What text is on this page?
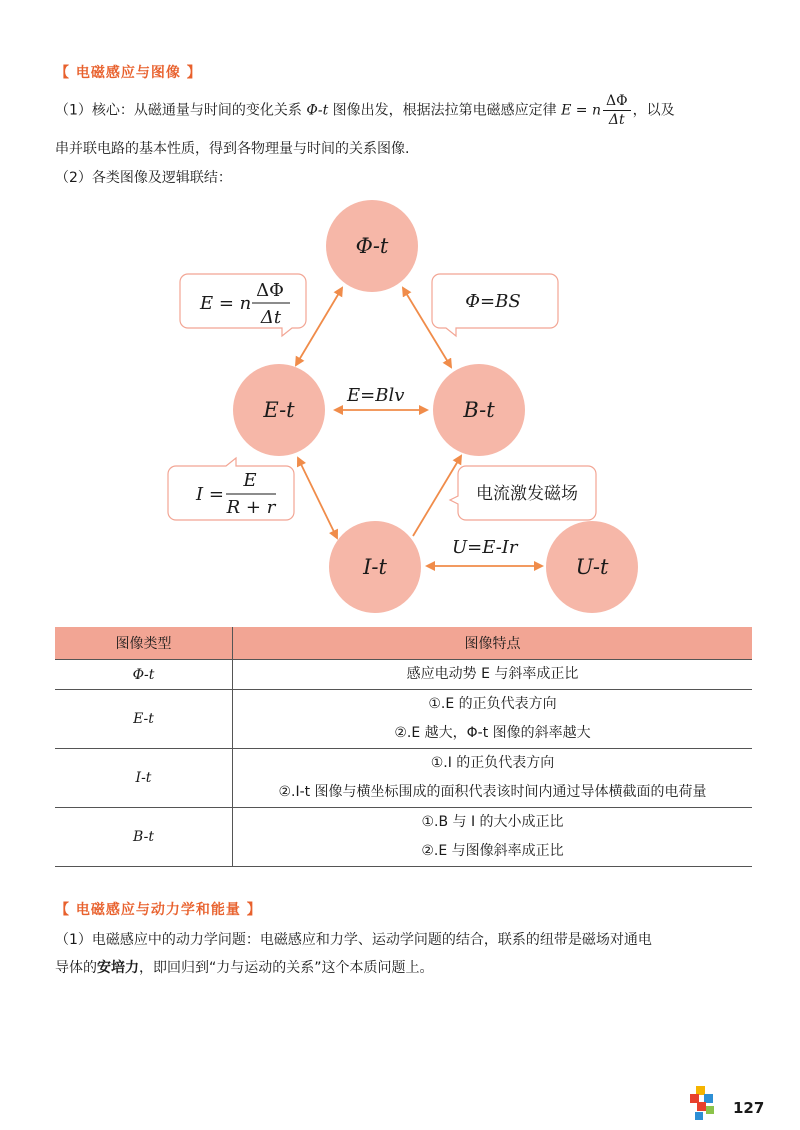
【 电磁感应与图像 】
（1）核心：从磁通量与时间的变化关系 Φ-t 图像出发，根据法拉第电磁感应定律 E = n $\frac{\Delta\Phi}{\Delta t}$ ，以及
串并联电路的基本性质，得到各物理量与时间的关系图像.
（2）各类图像及逻辑联结：
E=Blv
U=E-Ir
Φ-t
E-t	B-t
I-t	U-t
E = n
ΔΦ
Δt
Φ=BS
I =
E
R + r
电流激发磁场
图像类型	图像特点
Φ-t	感应电动势 E 与斜率成正比

E-t	①.E 的正负代表方向
②.E 越大，Φ-t 图像的斜率越大

I-t	①.I 的正负代表方向
②.I-t 图像与横坐标围成的面积代表该时间内通过导体横截面的电荷量

B-t	①.B 与 I 的大小成正比
②.E 与图像斜率成正比
【 电磁感应与动力学和能量 】
（1）电磁感应中的动力学问题：电磁感应和力学、运动学问题的结合，联系的纽带是磁场对通电
导体的安培力，即回归到“力与运动的关系”这个本质问题上。
127
